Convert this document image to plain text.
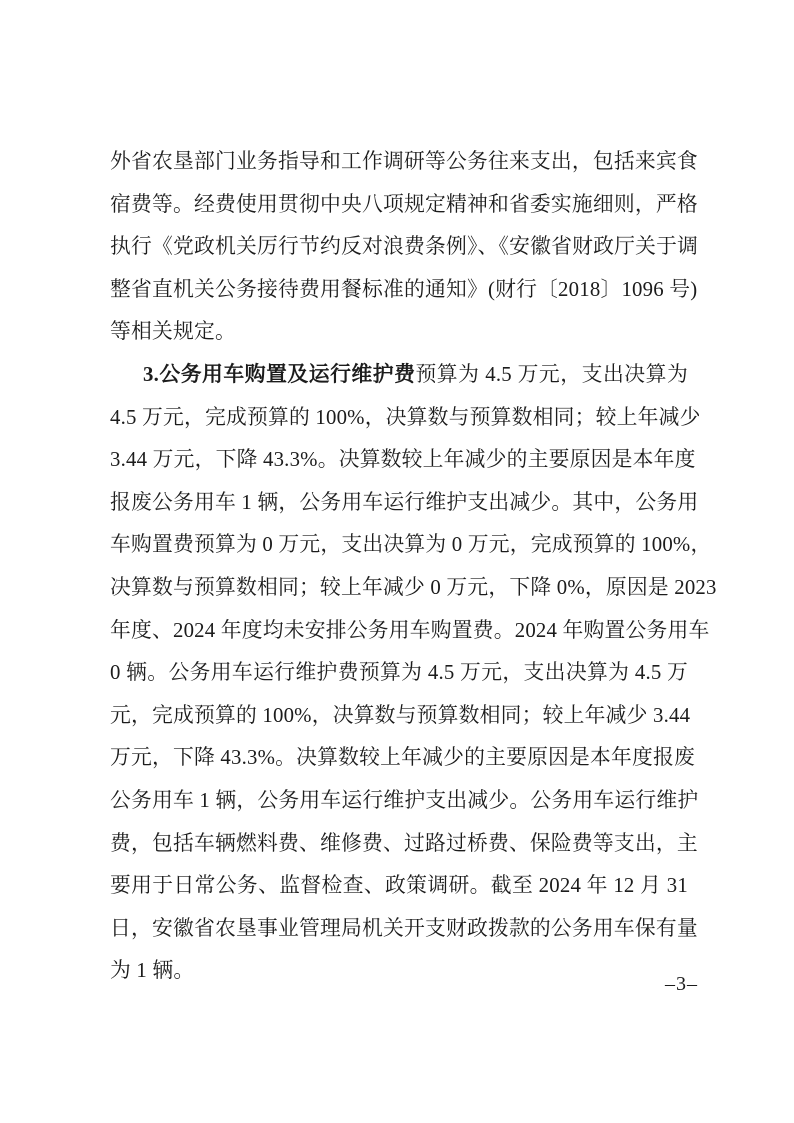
外省农垦部门业务指导和工作调研等公务往来支出，包括来宾食
宿费等。经费使用贯彻中央八项规定精神和省委实施细则，严格
执行《党政机关厉行节约反对浪费条例》、《安徽省财政厅关于调
整省直机关公务接待费用餐标准的通知》(财行〔2018〕1096 号)
等相关规定。
3.公务用车购置及运行维护费预算为 4.5 万元，支出决算为
4.5 万元，完成预算的 100%，决算数与预算数相同；较上年减少
3.44 万元，下降 43.3%。决算数较上年减少的主要原因是本年度
报废公务用车 1 辆，公务用车运行维护支出减少。其中，公务用
车购置费预算为 0 万元，支出决算为 0 万元，完成预算的 100%，
决算数与预算数相同；较上年减少 0 万元，下降 0%，原因是 2023
年度、2024 年度均未安排公务用车购置费。2024 年购置公务用车
0 辆。公务用车运行维护费预算为 4.5 万元，支出决算为 4.5 万
元，完成预算的 100%，决算数与预算数相同；较上年减少 3.44
万元，下降 43.3%。决算数较上年减少的主要原因是本年度报废
公务用车 1 辆，公务用车运行维护支出减少。公务用车运行维护
费，包括车辆燃料费、维修费、过路过桥费、保险费等支出，主
要用于日常公务、监督检查、政策调研。截至 2024 年 12 月 31
日，安徽省农垦事业管理局机关开支财政拨款的公务用车保有量
为 1 辆。
–3–
